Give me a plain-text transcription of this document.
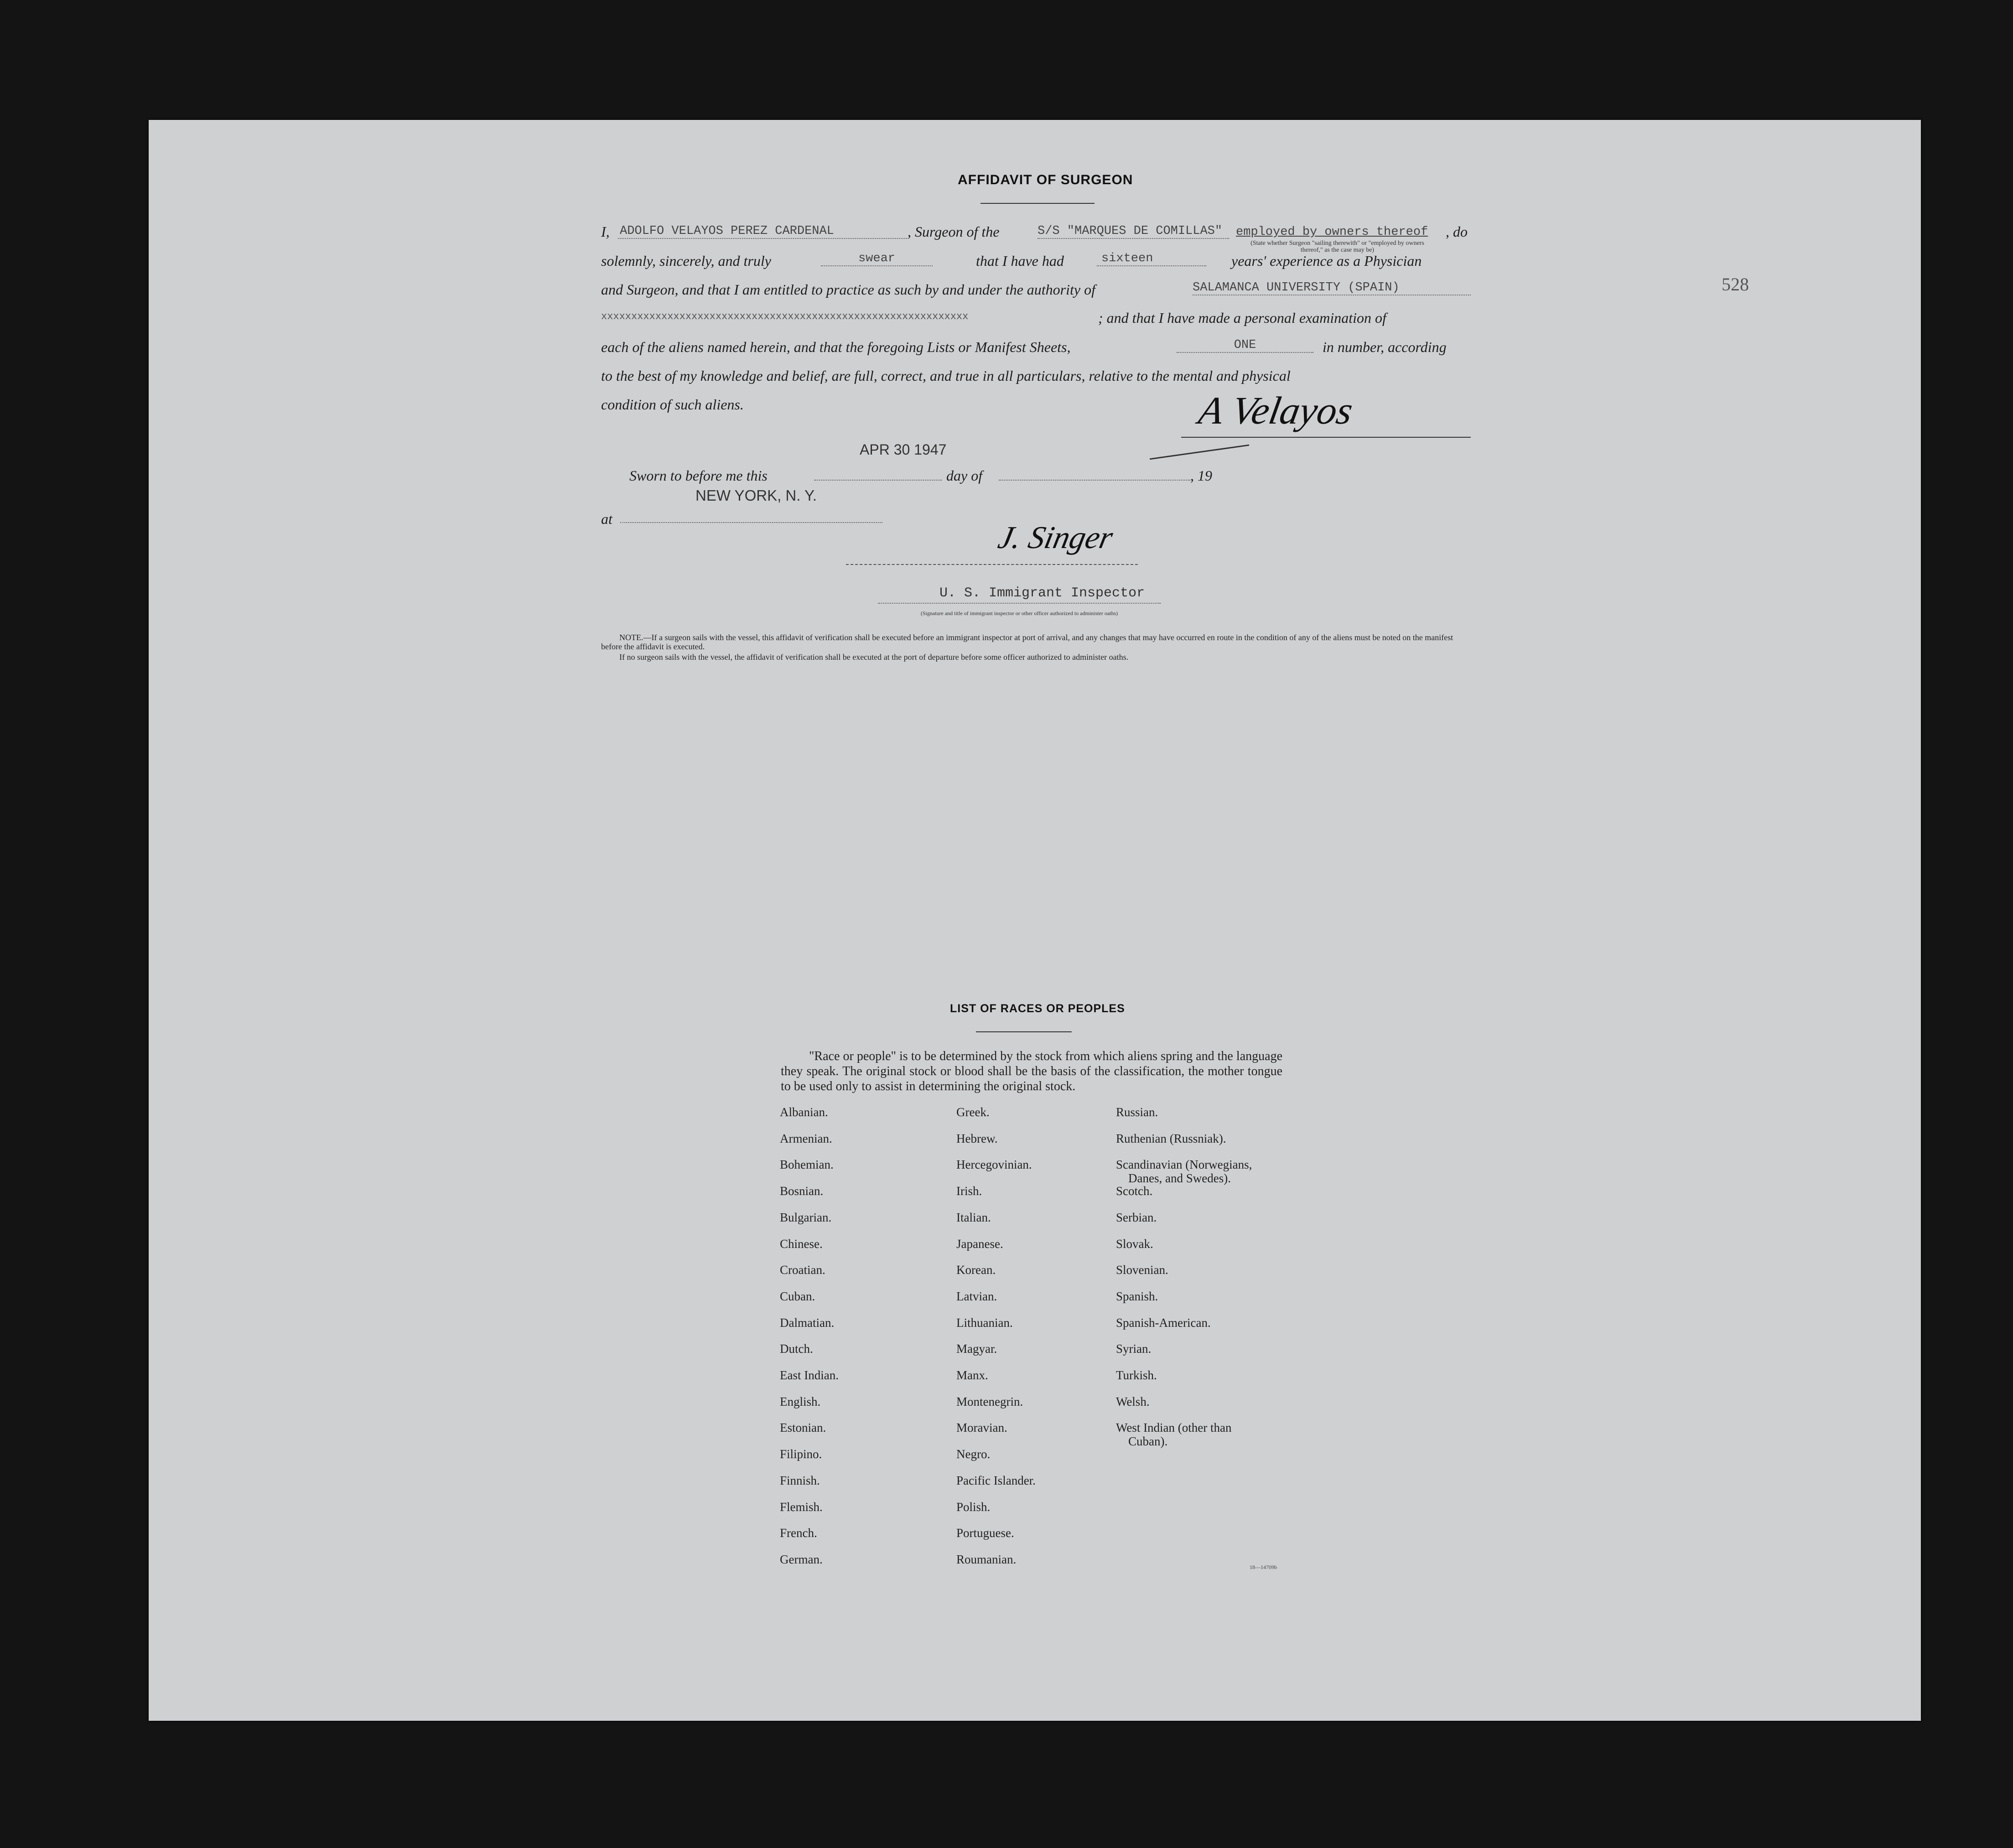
528
AFFIDAVIT OF SURGEON
I, ADOLFO VELAYOS PEREZ CARDENAL	, Surgeon of the	S/S "MARQUES DE COMILLAS"	employed by owners thereof , do
(State whether Surgeon "sailing therewith" or "employed by owners thereof," as the case may be)
solemnly, sincerely, and truly	swear	that I have had	sixteen	years' experience as a Physician
and Surgeon, and that I am entitled to practice as such by and under the authority of	SALAMANCA UNIVERSITY (SPAIN)
xxxxxxxxxxxxxxxxxxxxxxxxxxxxxxxxxxxxxxxxxxxxxxxxxxxxxxxxxxxxx	; and that I have made a personal examination of
each of the aliens named herein, and that the foregoing Lists or Manifest Sheets,	ONE	in number, according
to the best of my knowledge and belief, are full, correct, and true in all particulars, relative to the mental and physical
condition of such aliens.	A Velayos
APR 30 1947
Sworn to before me this	day of	, 19
NEW YORK, N. Y.
at
J. Singer
U. S. Immigrant Inspector
(Signature and title of immigrant inspector or other officer authorized to administer oaths)
NOTE.—If a surgeon sails with the vessel, this affidavit of verification shall be executed before an immigrant inspector at port of arrival, and any changes that may have occurred en route in the condition of any of the aliens must be noted on the manifest before the affidavit is executed.
If no surgeon sails with the vessel, the affidavit of verification shall be executed at the port of departure before some officer authorized to administer oaths.
LIST OF RACES OR PEOPLES
"Race or people" is to be determined by the stock from which aliens spring and the language they speak. The original stock or blood shall be the basis of the classification, the mother tongue to be used only to assist in determining the original stock.
Albanian.
Armenian.
Bohemian.
Bosnian.
Bulgarian.
Chinese.
Croatian.
Cuban.
Dalmatian.
Dutch.
East Indian.
English.
Estonian.
Filipino.
Finnish.
Flemish.
French.
German.
Greek.
Hebrew.
Hercegovinian.
Irish.
Italian.
Japanese.
Korean.
Latvian.
Lithuanian.
Magyar.
Manx.
Montenegrin.
Moravian.
Negro.
Pacific Islander.
Polish.
Portuguese.
Roumanian.
Russian.
Ruthenian (Russniak).
Scandinavian (Norwegians,
Danes, and Swedes).
Scotch.
Serbian.
Slovak.
Slovenian.
Spanish.
Spanish-American.
Syrian.
Turkish.
Welsh.
West Indian (other than
Cuban).
18—14709b
